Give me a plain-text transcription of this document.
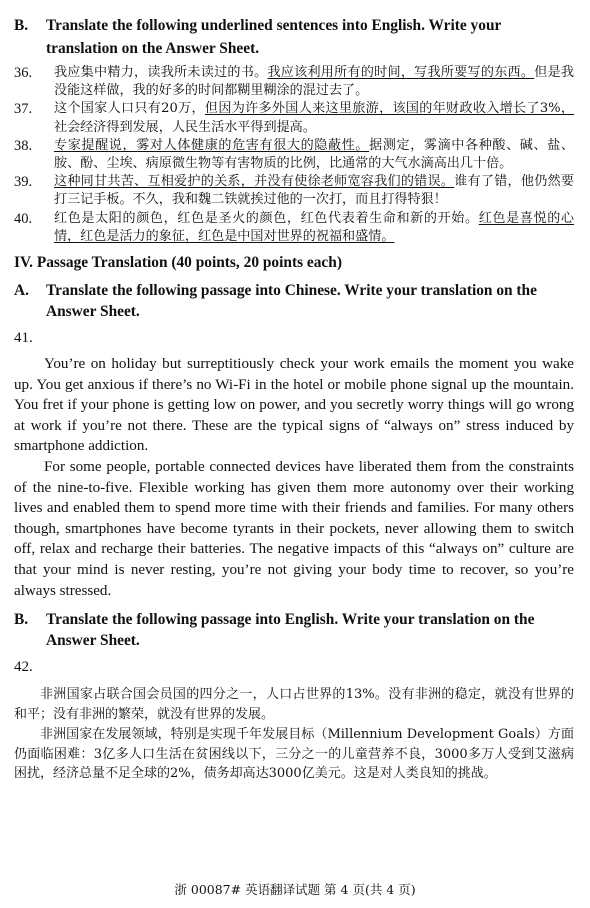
B.	Translate the following underlined sentences into English. Write your translation on the Answer Sheet.
36.	我应集中精力，读我所未读过的书。我应该利用所有的时间，写我所要写的东西。但是我没能这样做，我的好多的时间都糊里糊涂的混过去了。
37.	这个国家人口只有20万，但因为许多外国人来这里旅游，该国的年财政收入增长了3%，社会经济得到发展，人民生活水平得到提高。
38.	专家提醒说，雾对人体健康的危害有很大的隐蔽性。据测定，雾滴中各种酸、碱、盐、胺、酚、尘埃、病原微生物等有害物质的比例，比通常的大气水滴高出几十倍。
39.	这种同甘共苦、互相爱护的关系，并没有使徐老师宽容我们的错误。谁有了错，他仍然要打三记手板。不久，我和魏二铁就挨过他的一次打，而且打得特狠！
40.	红色是太阳的颜色，红色是圣火的颜色，红色代表着生命和新的开始。红色是喜悦的心情，红色是活力的象征，红色是中国对世界的祝福和盛情。
IV. Passage Translation (40 points, 20 points each)
A.	Translate the following passage into Chinese. Write your translation on the Answer Sheet.
41.

You’re on holiday but surreptitiously check your work emails the moment you wake up. You get anxious if there’s no Wi-Fi in the hotel or mobile phone signal up the mountain. You fret if your phone is getting low on power, and you secretly worry things will go wrong at work if you’re not there. These are the typical signs of “always on” stress induced by smartphone addiction.

For some people, portable connected devices have liberated them from the constraints of the nine-to-five. Flexible working has given them more autonomy over their working lives and enabled them to spend more time with their friends and families. For many others though, smartphones have become tyrants in their pockets, never allowing them to switch off, relax and recharge their batteries. The negative impacts of this “always on” culture are that your mind is never resting, you’re not giving your body time to recover, so you’re always stressed.

B.	Translate the following passage into English. Write your translation on the Answer Sheet.
42.

非洲国家占联合国会员国的四分之一，人口占世界的13%。没有非洲的稳定，就没有世界的和平；没有非洲的繁荣，就没有世界的发展。

非洲国家在发展领域，特别是实现千年发展目标（Millennium Development Goals）方面仍面临困难：3亿多人口生活在贫困线以下，三分之一的儿童营养不良，3000多万人受到艾滋病困扰，经济总量不足全球的2%，债务却高达3000亿美元。这是对人类良知的挑战。

浙 00087# 英语翻译试题 第 4 页(共 4 页)
